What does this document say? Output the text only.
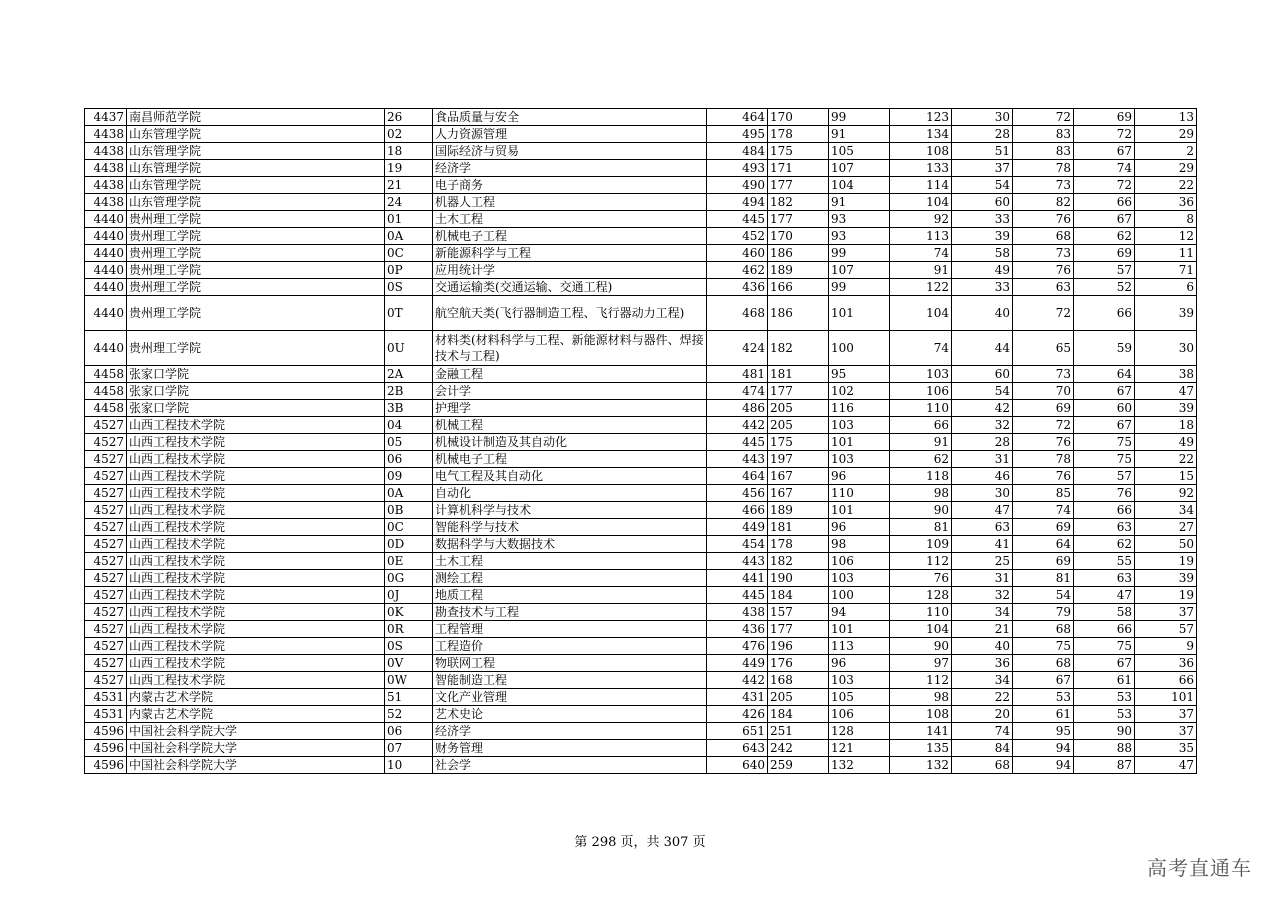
4437	南昌师范学院	26	食品质量与安全	464	170	99	123	30	72	69	13
4438	山东管理学院	02	人力资源管理	495	178	91	134	28	83	72	29
4438	山东管理学院	18	国际经济与贸易	484	175	105	108	51	83	67	2
4438	山东管理学院	19	经济学	493	171	107	133	37	78	74	29
4438	山东管理学院	21	电子商务	490	177	104	114	54	73	72	22
4438	山东管理学院	24	机器人工程	494	182	91	104	60	82	66	36
4440	贵州理工学院	01	土木工程	445	177	93	92	33	76	67	8
4440	贵州理工学院	0A	机械电子工程	452	170	93	113	39	68	62	12
4440	贵州理工学院	0C	新能源科学与工程	460	186	99	74	58	73	69	11
4440	贵州理工学院	0P	应用统计学	462	189	107	91	49	76	57	71
4440	贵州理工学院	0S	交通运输类(交通运输、交通工程)	436	166	99	122	33	63	52	6
4440	贵州理工学院	0T	航空航天类(飞行器制造工程、飞行器动力工程)	468	186	101	104	40	72	66	39
4440	贵州理工学院	0U	材料类(材料科学与工程、新能源材料与器件、焊接技术与工程)	424	182	100	74	44	65	59	30
4458	张家口学院	2A	金融工程	481	181	95	103	60	73	64	38
4458	张家口学院	2B	会计学	474	177	102	106	54	70	67	47
4458	张家口学院	3B	护理学	486	205	116	110	42	69	60	39
4527	山西工程技术学院	04	机械工程	442	205	103	66	32	72	67	18
4527	山西工程技术学院	05	机械设计制造及其自动化	445	175	101	91	28	76	75	49
4527	山西工程技术学院	06	机械电子工程	443	197	103	62	31	78	75	22
4527	山西工程技术学院	09	电气工程及其自动化	464	167	96	118	46	76	57	15
4527	山西工程技术学院	0A	自动化	456	167	110	98	30	85	76	92
4527	山西工程技术学院	0B	计算机科学与技术	466	189	101	90	47	74	66	34
4527	山西工程技术学院	0C	智能科学与技术	449	181	96	81	63	69	63	27
4527	山西工程技术学院	0D	数据科学与大数据技术	454	178	98	109	41	64	62	50
4527	山西工程技术学院	0E	土木工程	443	182	106	112	25	69	55	19
4527	山西工程技术学院	0G	测绘工程	441	190	103	76	31	81	63	39
4527	山西工程技术学院	0J	地质工程	445	184	100	128	32	54	47	19
4527	山西工程技术学院	0K	勘查技术与工程	438	157	94	110	34	79	58	37
4527	山西工程技术学院	0R	工程管理	436	177	101	104	21	68	66	57
4527	山西工程技术学院	0S	工程造价	476	196	113	90	40	75	75	9
4527	山西工程技术学院	0V	物联网工程	449	176	96	97	36	68	67	36
4527	山西工程技术学院	0W	智能制造工程	442	168	103	112	34	67	61	66
4531	内蒙古艺术学院	51	文化产业管理	431	205	105	98	22	53	53	101
4531	内蒙古艺术学院	52	艺术史论	426	184	106	108	20	61	53	37
4596	中国社会科学院大学	06	经济学	651	251	128	141	74	95	90	37
4596	中国社会科学院大学	07	财务管理	643	242	121	135	84	94	88	35
4596	中国社会科学院大学	10	社会学	640	259	132	132	68	94	87	47
第 298 页，共 307 页
高考直通车
